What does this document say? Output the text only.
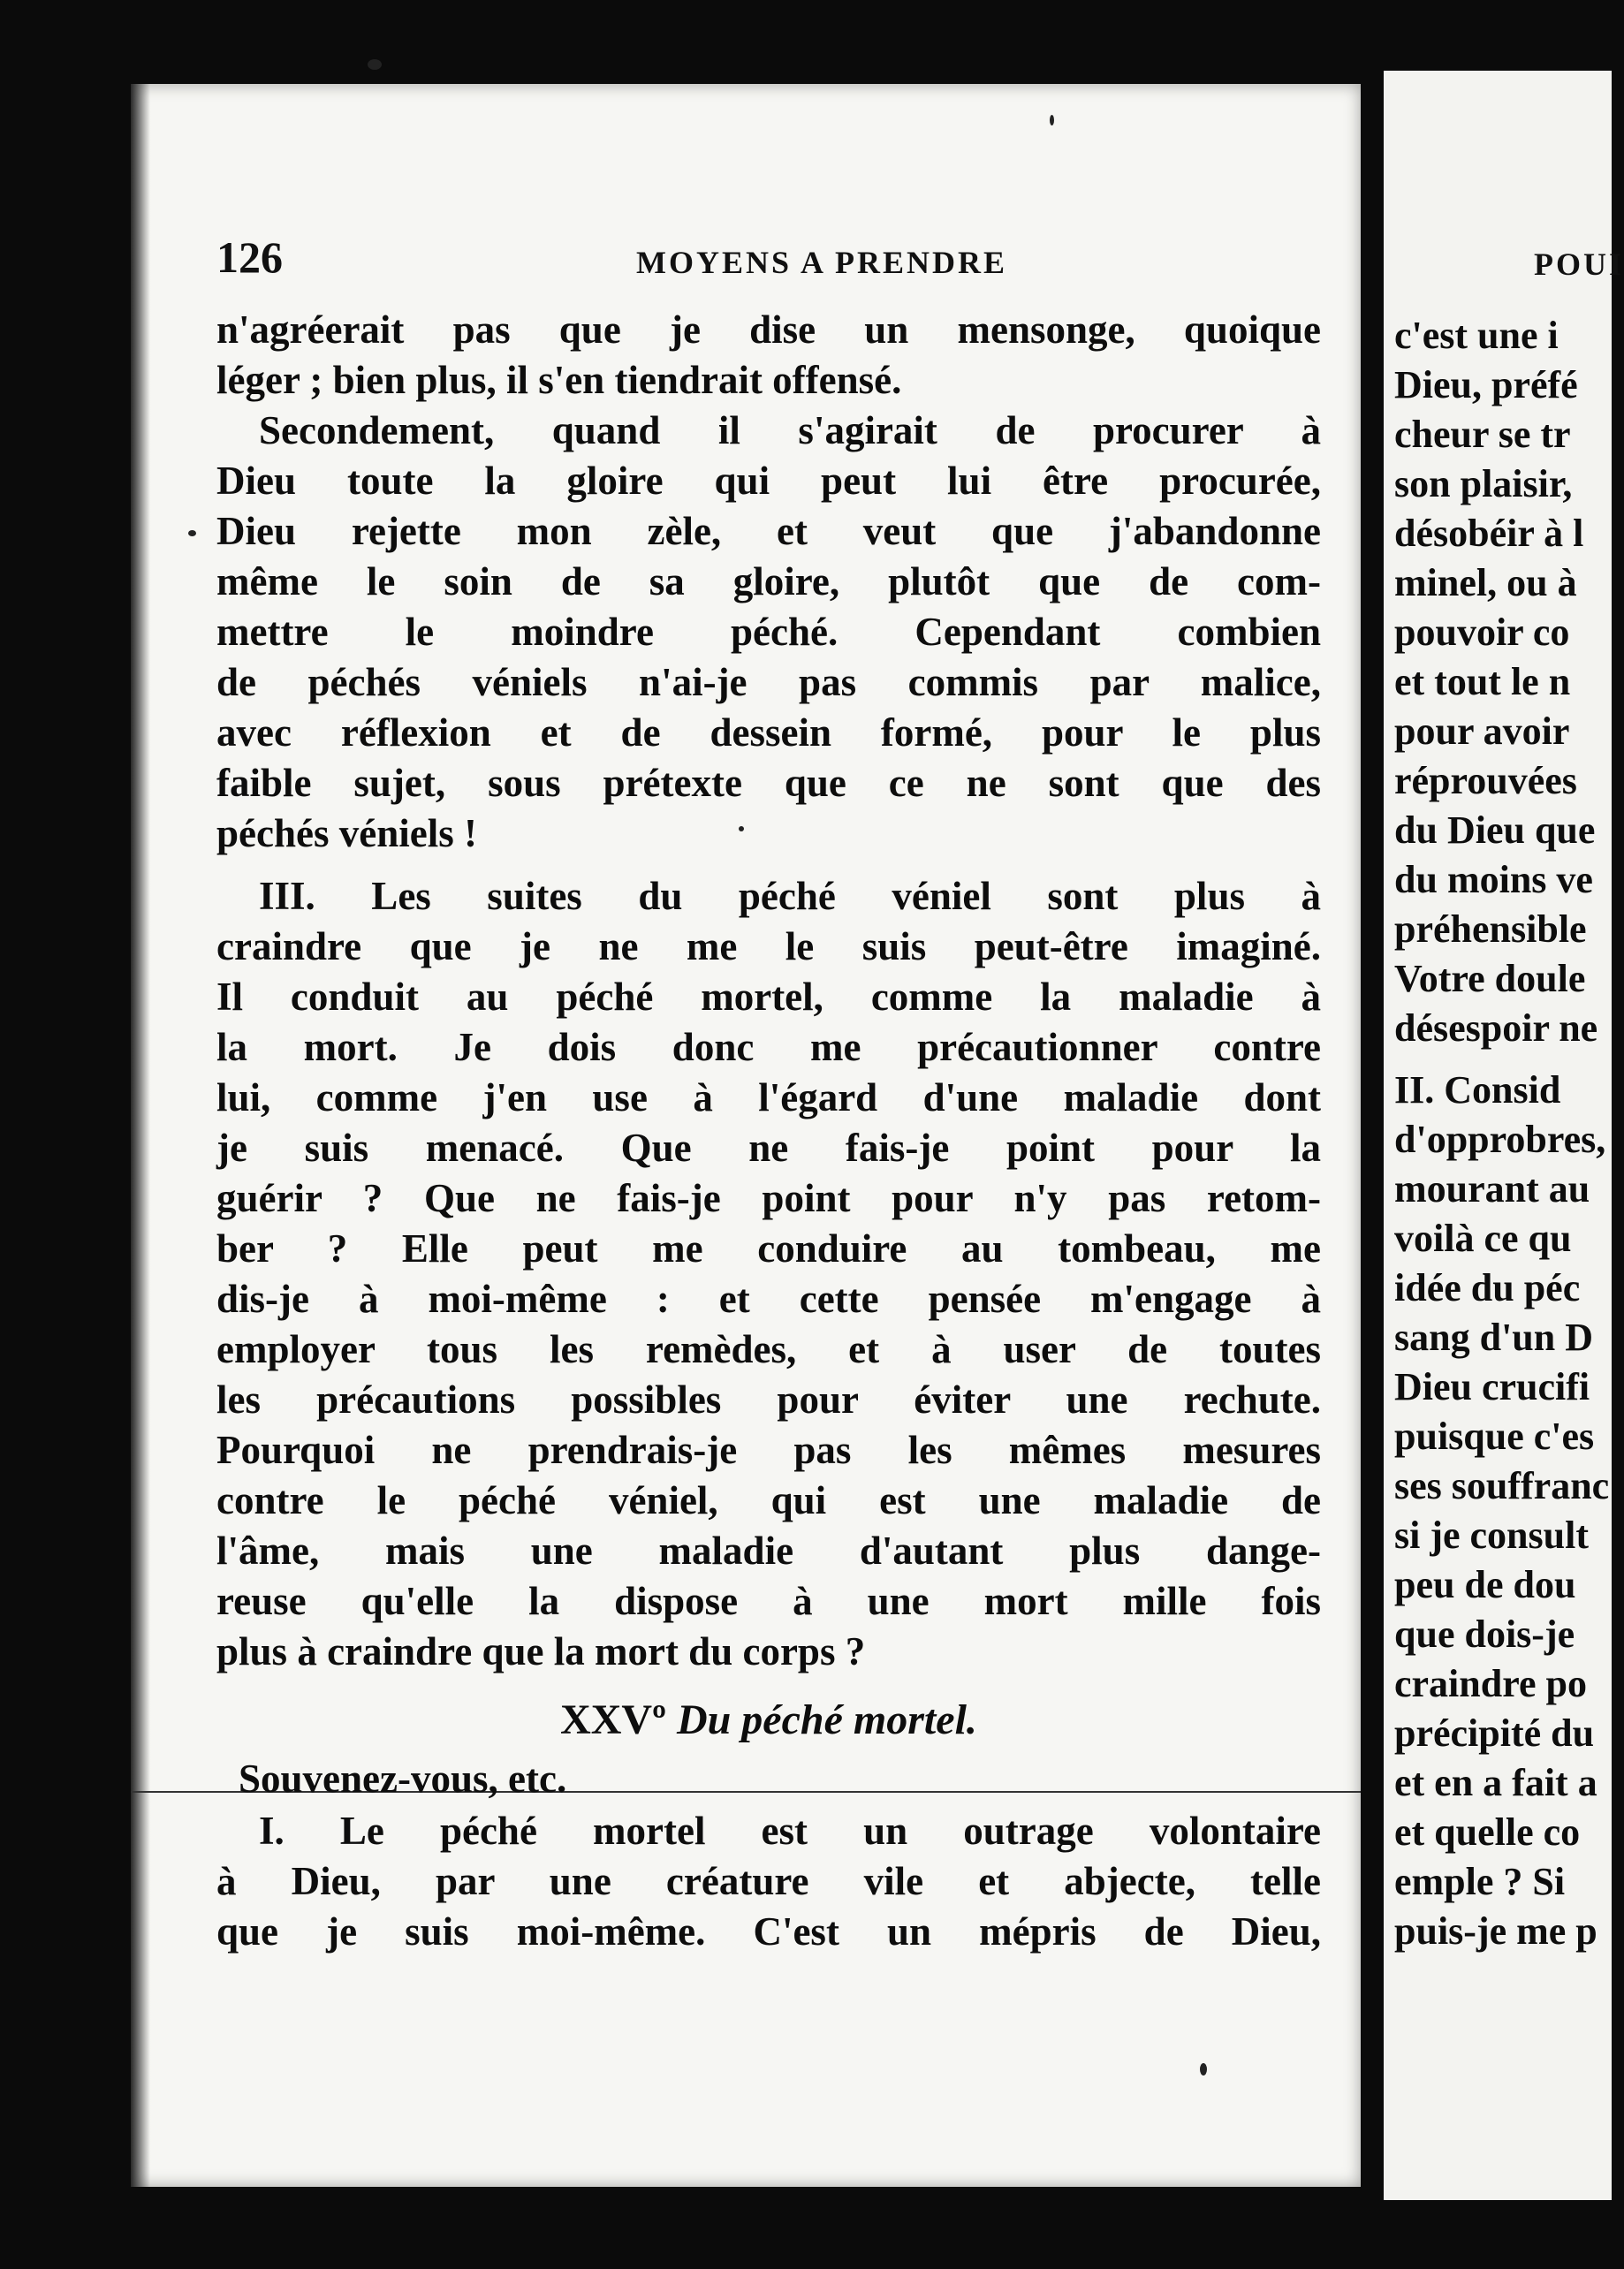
POUI
c'est une i
Dieu, préfé
cheur se tr
son plaisir,
désobéir à l
minel, ou à
pouvoir co
et tout le n
pour avoir
réprouvées
du Dieu que
du moins ve
préhensible
Votre doule
désespoir ne
II. Consid
d'opprobres,
mourant au
voilà ce qu
idée du péc
sang d'un D
Dieu crucifi
puisque c'es
ses souffranc
si je consult
peu de dou
que dois-je
craindre po
précipité du
et en a fait a
et quelle co
emple ? Si
puis-je me p
126	MOYENS A PRENDRE
n'agréerait pas que je dise un mensonge, quoique
léger ; bien plus, il s'en tiendrait offensé.
Secondement, quand il s'agirait de procurer à
Dieu toute la gloire qui peut lui être procurée,
Dieu rejette mon zèle, et veut que j'abandonne
même le soin de sa gloire, plutôt que de com-
mettre le moindre péché. Cependant combien
de péchés véniels n'ai-je pas commis par malice,
avec réflexion et de dessein formé, pour le plus
faible sujet, sous prétexte que ce ne sont que des
péchés véniels !
III. Les suites du péché véniel sont plus à
craindre que je ne me le suis peut-être imaginé.
Il conduit au péché mortel, comme la maladie à
la mort. Je dois donc me précautionner contre
lui, comme j'en use à l'égard d'une maladie dont
je suis menacé. Que ne fais-je point pour la
guérir ? Que ne fais-je point pour n'y pas retom-
ber ? Elle peut me conduire au tombeau, me
dis-je à moi-même : et cette pensée m'engage à
employer tous les remèdes, et à user de toutes
les précautions possibles pour éviter une rechute.
Pourquoi ne prendrais-je pas les mêmes mesures
contre le péché véniel, qui est une maladie de
l'âme, mais une maladie d'autant plus dange-
reuse qu'elle la dispose à une mort mille fois
plus à craindre que la mort du corps ?
XXVº Du péché mortel.
Souvenez-vous, etc.
I. Le péché mortel est un outrage volontaire
à Dieu, par une créature vile et abjecte, telle
que je suis moi-même. C'est un mépris de Dieu,
